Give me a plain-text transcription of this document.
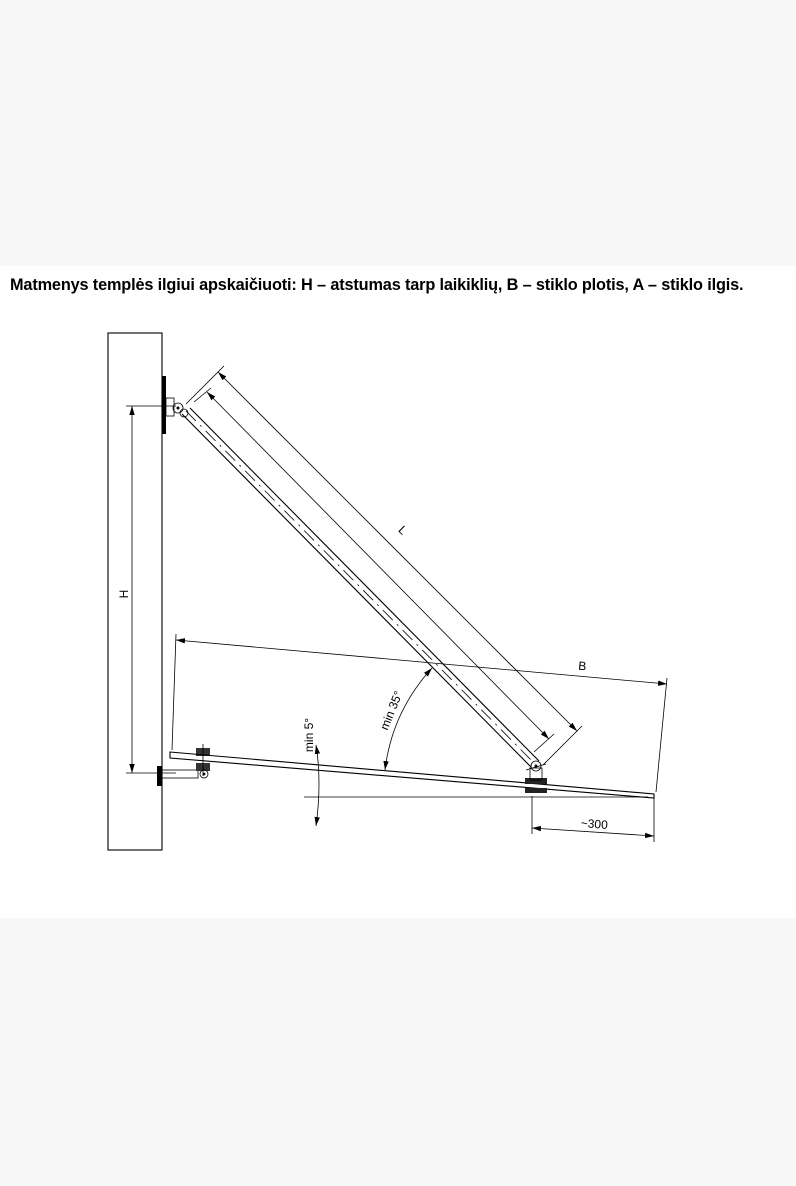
Matmenys templės ilgiui apskaičiuoti: H – atstumas tarp laikiklių, B – stiklo plotis, A – stiklo ilgis.
H
L
B
~300
min 5°
min 35°
